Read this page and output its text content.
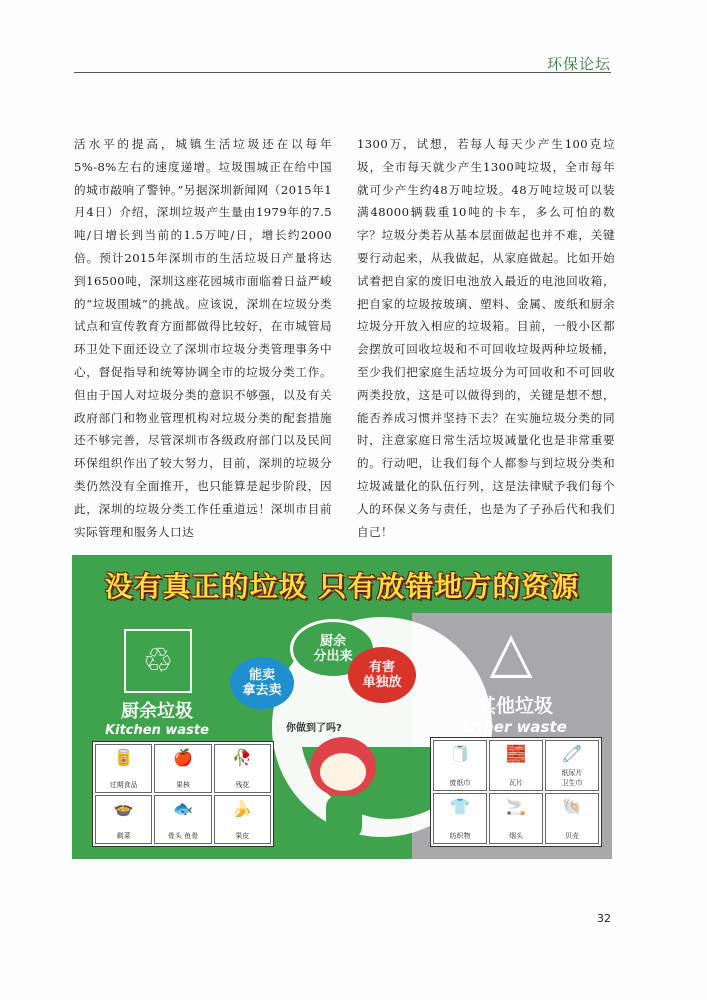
环保论坛
活水平的提高，城镇生活垃圾还在以每年5%-8%左右的速度递增。垃圾围城正在给中国的城市敲响了警钟。”另据深圳新闻网（2015年1月4日）介绍，深圳垃圾产生量由1979年的7.5吨/日增长到当前的1.5万吨/日，增长约2000倍。预计2015年深圳市的生活垃圾日产量将达到16500吨，深圳这座花园城市面临着日益严峻的“垃圾围城”的挑战。应该说，深圳在垃圾分类试点和宣传教育方面都做得比较好，在市城管局环卫处下面还设立了深圳市垃圾分类管理事务中心，督促指导和统筹协调全市的垃圾分类工作。但由于国人对垃圾分类的意识不够强，以及有关政府部门和物业管理机构对垃圾分类的配套措施还不够完善，尽管深圳市各级政府部门以及民间环保组织作出了较大努力，目前，深圳的垃圾分类仍然没有全面推开，也只能算是起步阶段，因此，深圳的垃圾分类工作任重道远！深圳市目前实际管理和服务人口达
1300万，试想，若每人每天少产生100克垃圾，全市每天就少产生1300吨垃圾，全市每年就可少产生约48万吨垃圾。48万吨垃圾可以装满48000辆载重10吨的卡车，多么可怕的数字？垃圾分类若从基本层面做起也并不难，关键要行动起来，从我做起，从家庭做起。比如开始试着把自家的废旧电池放入最近的电池回收箱，把自家的垃圾按玻璃、塑料、金属、废纸和厨余垃圾分开放入相应的垃圾箱。目前，一般小区都会摆放可回收垃圾和不可回收垃圾两种垃圾桶，至少我们把家庭生活垃圾分为可回收和不可回收两类投放，这是可以做得到的，关键是想不想，能否养成习惯并坚持下去？在实施垃圾分类的同时，注意家庭日常生活垃圾减量化也是非常重要的。行动吧，让我们每个人都参与到垃圾分类和垃圾减量化的队伍行列，这是法律赋予我们每个人的环保义务与责任，也是为了子孙后代和我们自己！
没有真正的垃圾 只有放错地方的资源
♲
厨余垃圾
Kitchen waste
△
其他垃圾
Other waste
能卖
拿去卖
厨余
分出来
有害
单独放
你做到了吗?
🥫
过期食品
🍎
果核
🥀
残花
🍲
剩菜
🐟
骨头 鱼骨
🍌
果皮
🧻
废纸巾
🧱
瓦片
🧷
纸尿片
卫生巾
👕
纺织物
🚬
烟头
🐚
贝壳
32
